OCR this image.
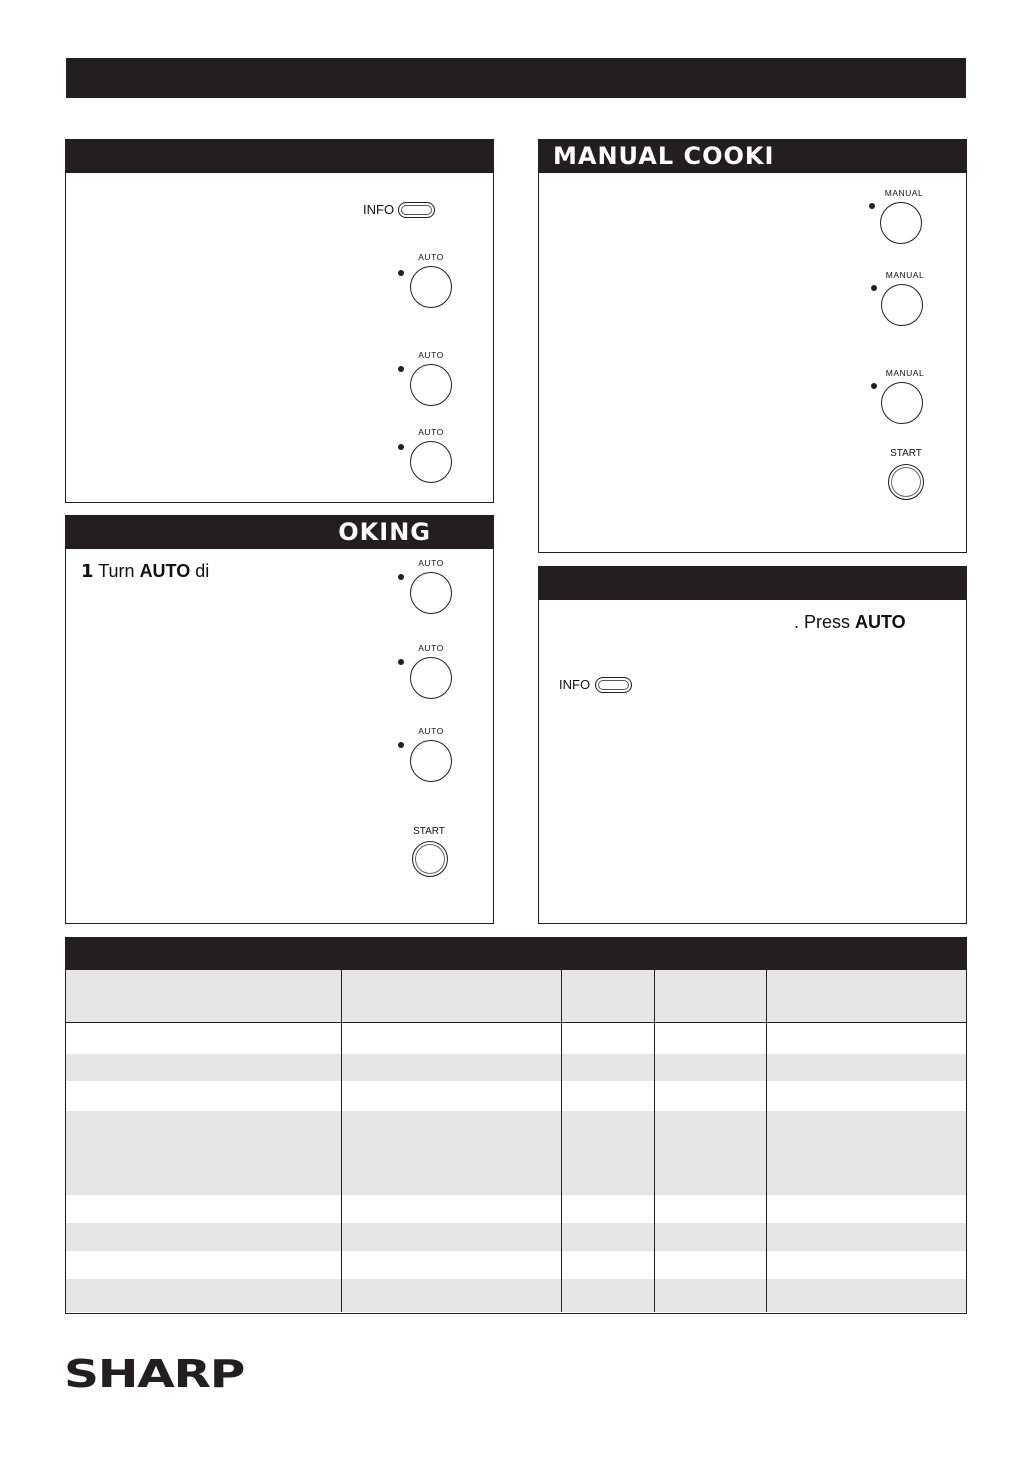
INFO
AUTO
AUTO
AUTO
OKING
1 Turn AUTO di	AUTO
AUTO
AUTO
START
MANUAL COOKI
MANUAL
MANUAL
MANUAL
START
. Press AUTO
INFO

SHARP
